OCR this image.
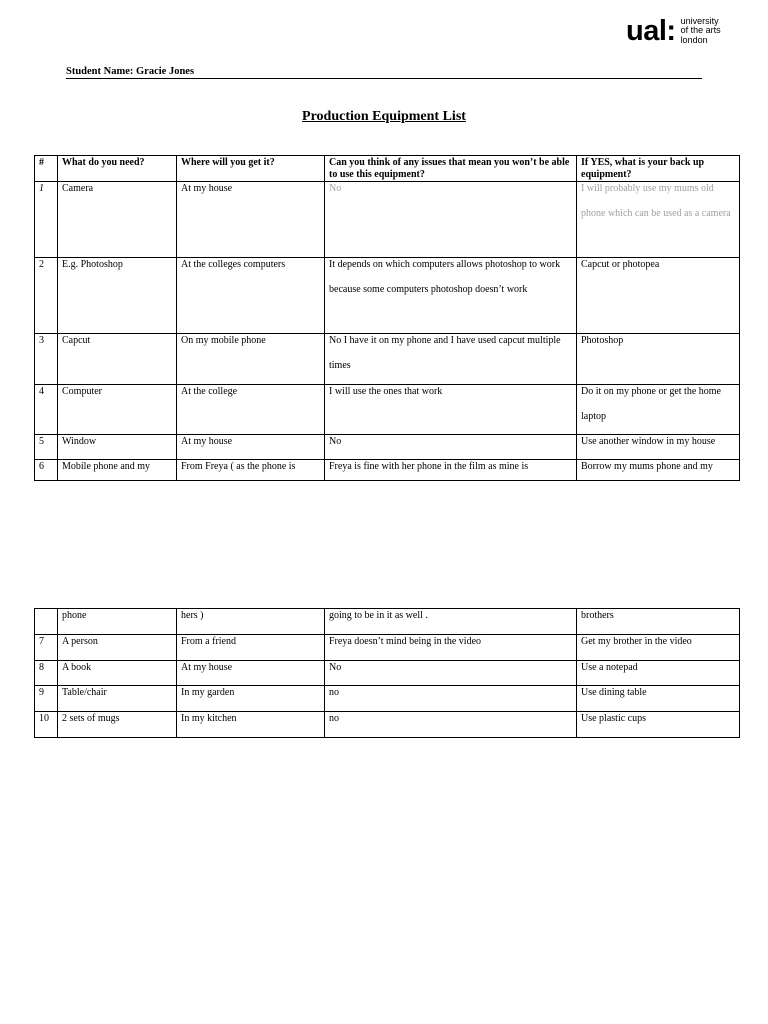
ual: university
of the arts
london
Student Name: Gracie Jones
Production Equipment List
#	What do you need?	Where will you get it?	Can you think of any issues that mean you won’t be able to use this equipment?	If YES, what is your back up equipment?

1	Camera	At my house	No	I will probably use my mums old phone which can be used as a camera

2	E.g. Photoshop	At the colleges computers	It depends on which computers allows photoshop to work because some computers photoshop doesn’t work	Capcut or photopea

3	Capcut	On my mobile phone	No I have it on my phone and I have used capcut multiple times	Photoshop

4	Computer	At the college	I will use the ones that work	Do it on my phone or get the home laptop

5	Window	At my house	No	Use another window in my house

6	Mobile phone and my	From Freya ( as the phone is	Freya is fine with her phone in the film as mine is	Borrow my mums phone and my

	phone	hers )	going to be in it as well .	brothers

7	A person	From a friend	Freya doesn’t mind being in the video	Get my brother in the video

8	A book	At my house	No	Use a notepad

9	Table/chair	In my garden	no	Use dining table

10	2 sets of mugs	In my kitchen	no	Use plastic cups
